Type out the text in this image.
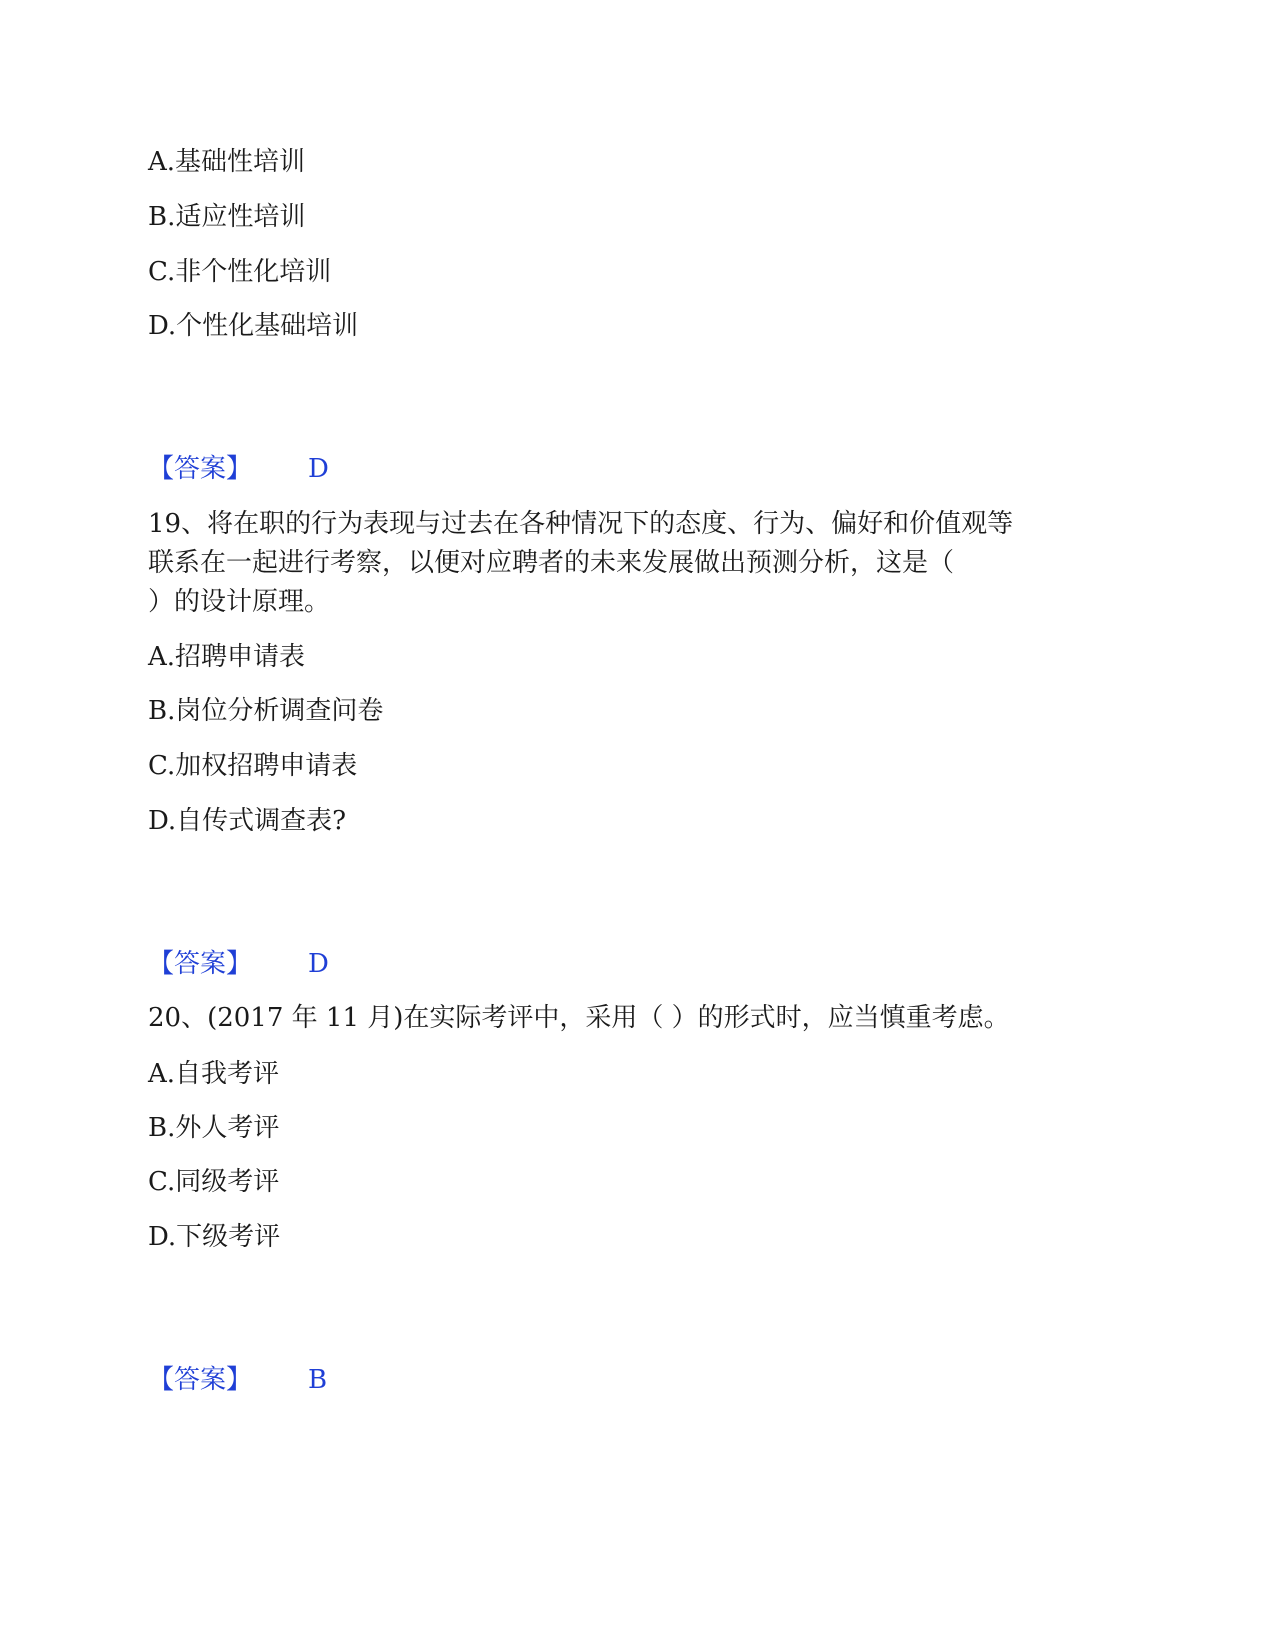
A.基础性培训
B.适应性培训
C.非个性化培训
D.个性化基础培训
【答案】 D
19、将在职的行为表现与过去在各种情况下的态度、行为、偏好和价值观等
联系在一起进行考察，以便对应聘者的未来发展做出预测分析，这是（
）的设计原理。
A.招聘申请表
B.岗位分析调查问卷
C.加权招聘申请表
D.自传式调查表?
【答案】 D
20、(2017 年 11 月)在实际考评中，采用（ ）的形式时，应当慎重考虑。
A.自我考评
B.外人考评
C.同级考评
D.下级考评
【答案】 B
